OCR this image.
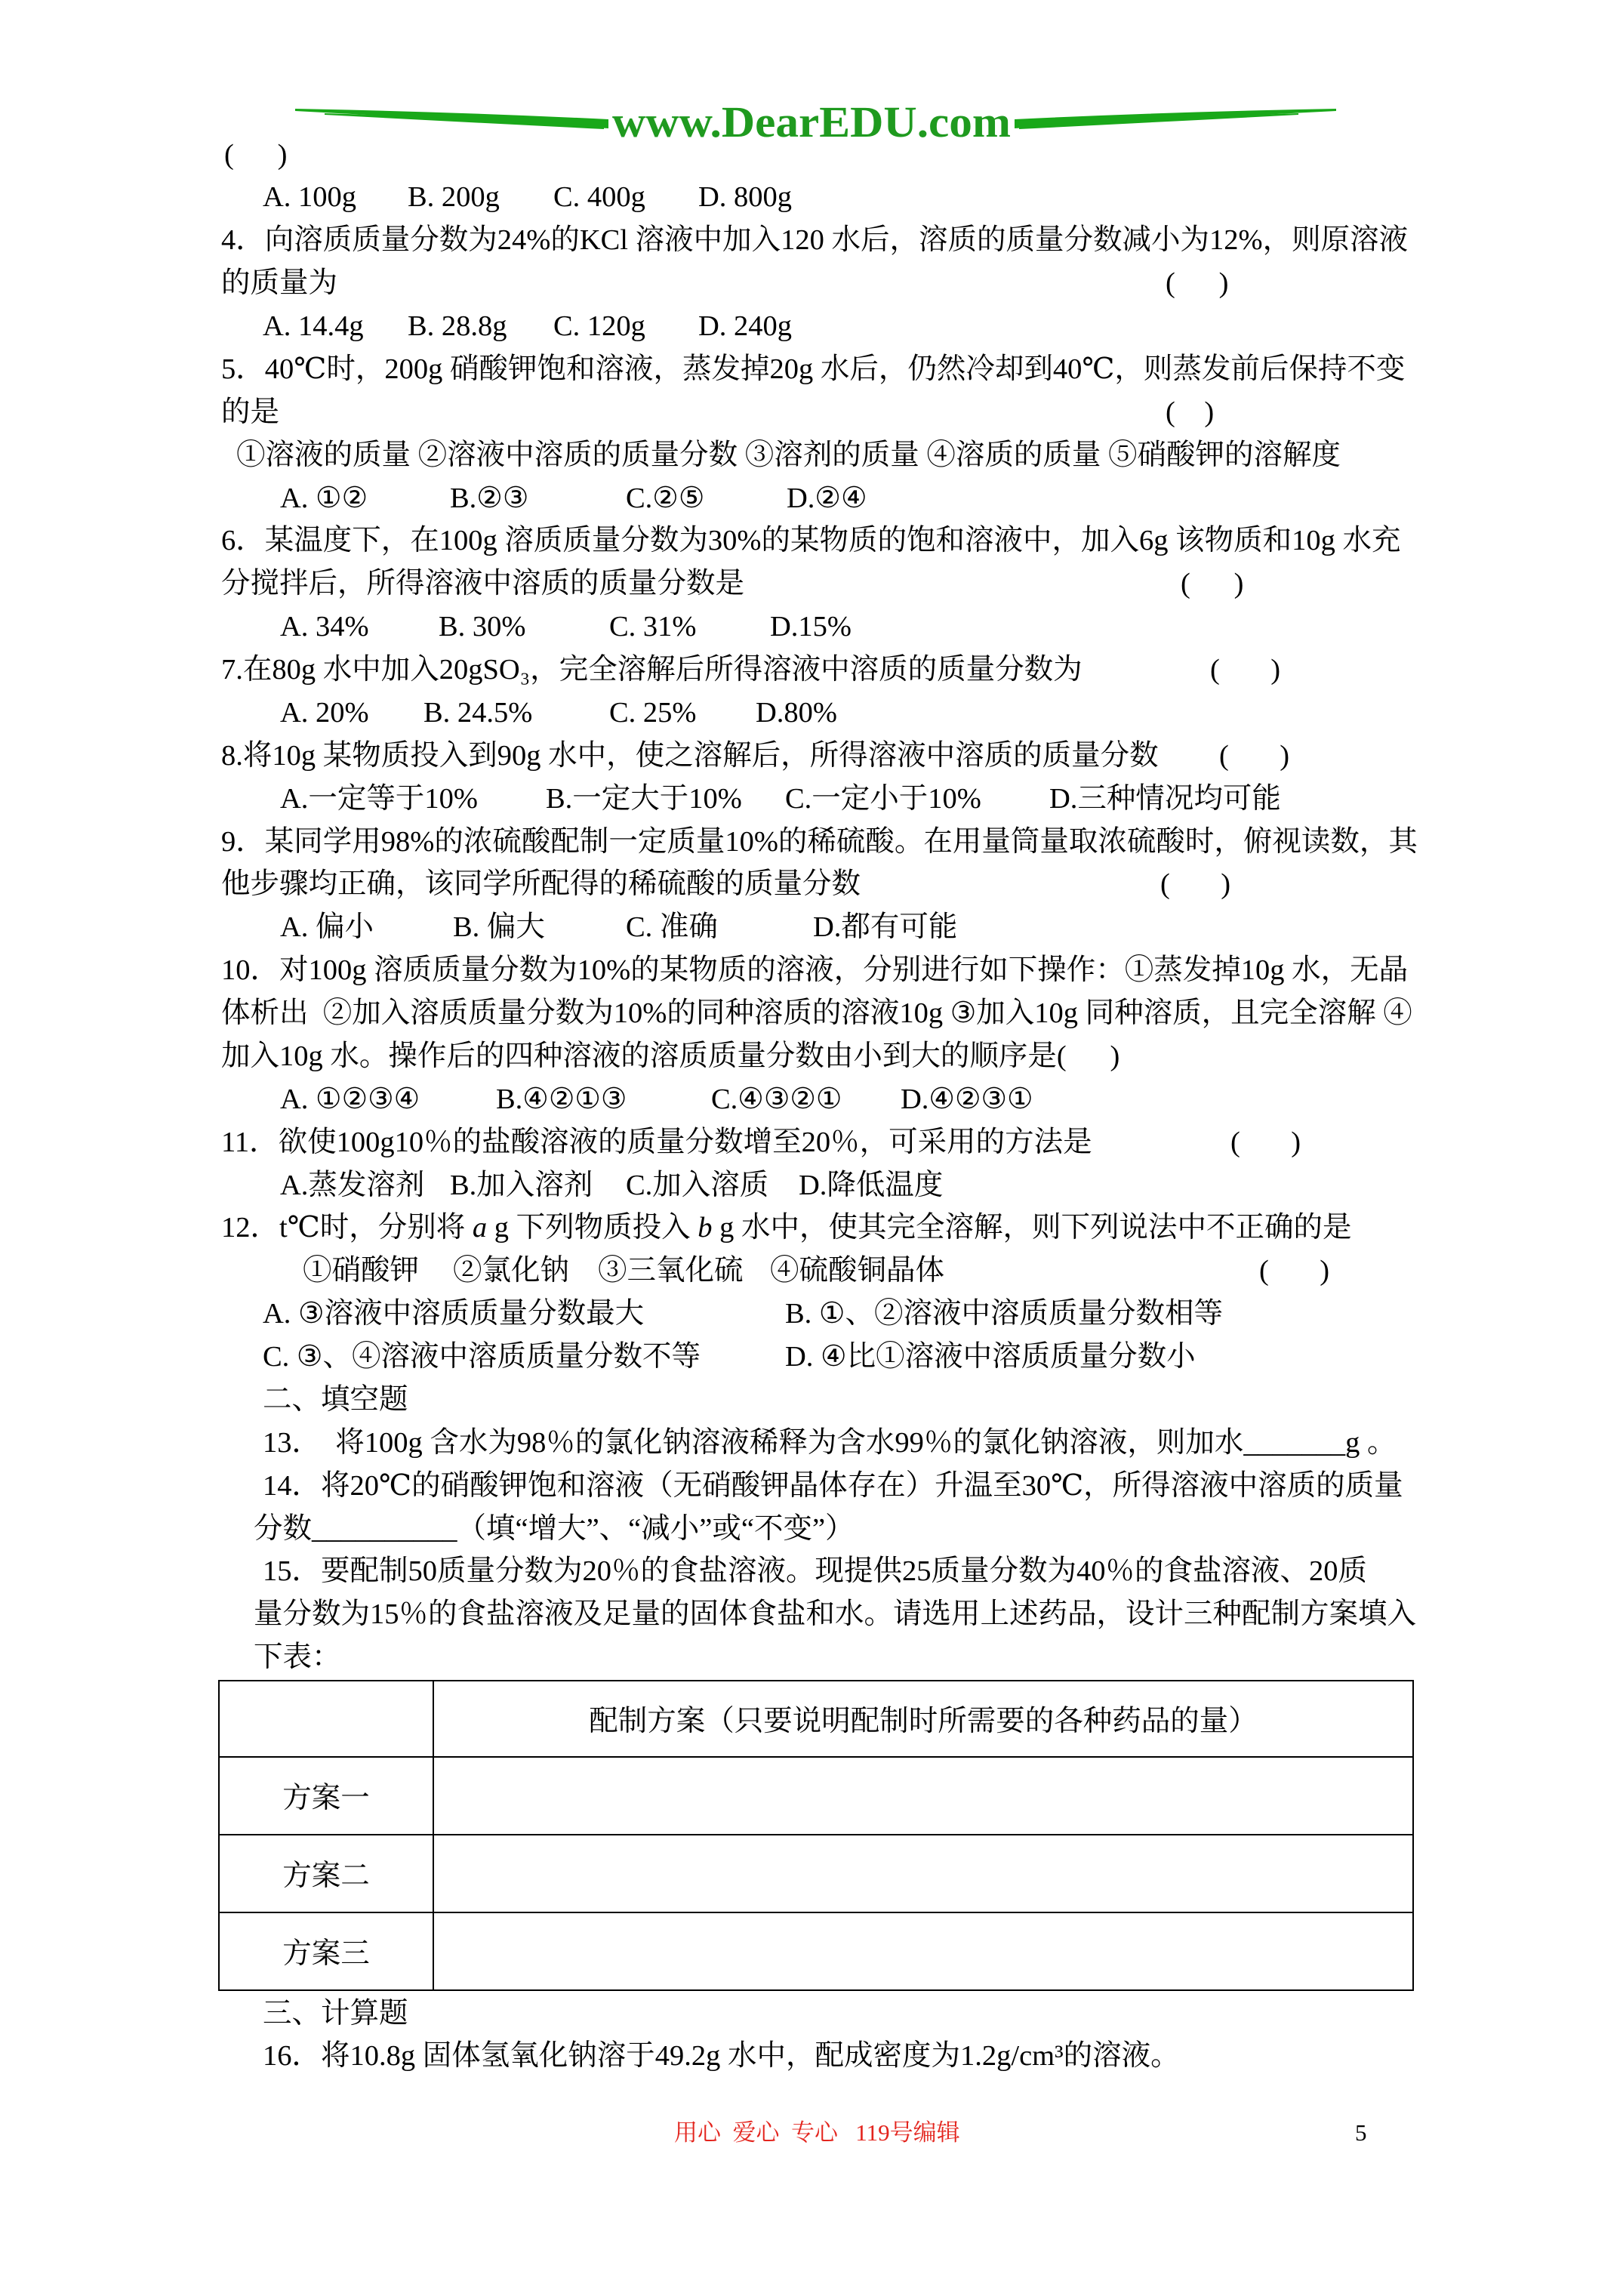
www.DearEDU.com
(      )
A. 100g B. 200g C. 400g D. 800g
4．向溶质质量分数为24%的KCl 溶液中加入120 水后，溶质的质量分数减小为12%，则原溶液
的质量为	(      )
A. 14.4g B. 28.8g C. 120g D. 240g
5．40℃时，200g 硝酸钾饱和溶液，蒸发掉20g 水后，仍然冷却到40℃，则蒸发前后保持不变
的是	(    )
①溶液的质量 ②溶液中溶质的质量分数 ③溶剂的质量 ④溶质的质量 ⑤硝酸钾的溶解度
A. ①②	B.②③	C.②⑤	D.②④
6．某温度下，在100g 溶质质量分数为30%的某物质的饱和溶液中，加入6g 该物质和10g 水充
分搅拌后，所得溶液中溶质的质量分数是	(      )
A. 34% B. 30%	C. 31%	D.15%
7.在80g 水中加入20gSO₃，完全溶解后所得溶液中溶质的质量分数为	(       )
A. 20% B. 24.5%	C. 25% D.80%
8.将10g 某物质投入到90g 水中，使之溶解后，所得溶液中溶质的质量分数 (       )
A.一定等于10% B.一定大于10% C.一定小于10% D.三种情况均可能
9．某同学用98%的浓硫酸配制一定质量10%的稀硫酸。在用量筒量取浓硫酸时，俯视读数，其
他步骤均正确，该同学所配得的稀硫酸的质量分数	(       )
A. 偏小	B. 偏大	C. 准确	D.都有可能
10．对100g 溶质质量分数为10%的某物质的溶液，分别进行如下操作：①蒸发掉10g 水，无晶
体析出  ②加入溶质质量分数为10%的同种溶质的溶液10g ③加入10g 同种溶质，且完全溶解 ④
加入10g 水。操作后的四种溶液的溶质质量分数由小到大的顺序是(      )
A. ①②③④	B.④②①③	C.④③②① D.④②③①
11．欲使100g10％的盐酸溶液的质量分数增至20％，可采用的方法是	(       )
A.蒸发溶剂 B.加入溶剂 C.加入溶质 D.降低温度
12．t℃时，分别将 a g 下列物质投入 b g 水中，使其完全溶解，则下列说法中不正确的是
①硝酸钾 ②氯化钠 ③三氧化硫 ④硫酸铜晶体	(       )
A. ③溶液中溶质质量分数最大	B. ①、②溶液中溶质质量分数相等
C. ③、④溶液中溶质质量分数不等	D. ④比①溶液中溶质质量分数小
二、填空题
13．  将100g 含水为98％的氯化钠溶液稀释为含水99％的氯化钠溶液，则加水_______g 。
14．将20℃的硝酸钾饱和溶液（无硝酸钾晶体存在）升温至30℃，所得溶液中溶质的质量
分数__________（填“增大”、“减小”或“不变”）
15．要配制50质量分数为20％的食盐溶液。现提供25质量分数为40％的食盐溶液、20质
量分数为15％的食盐溶液及足量的固体食盐和水。请选用上述药品，设计三种配制方案填入
下表：
	配制方案（只要说明配制时所需要的各种药品的量）
方案一	
方案二	
方案三	
三、计算题
16．将10.8g 固体氢氧化钠溶于49.2g 水中，配成密度为1.2g/cm³的溶液。
用心  爱心  专心   119号编辑	5
